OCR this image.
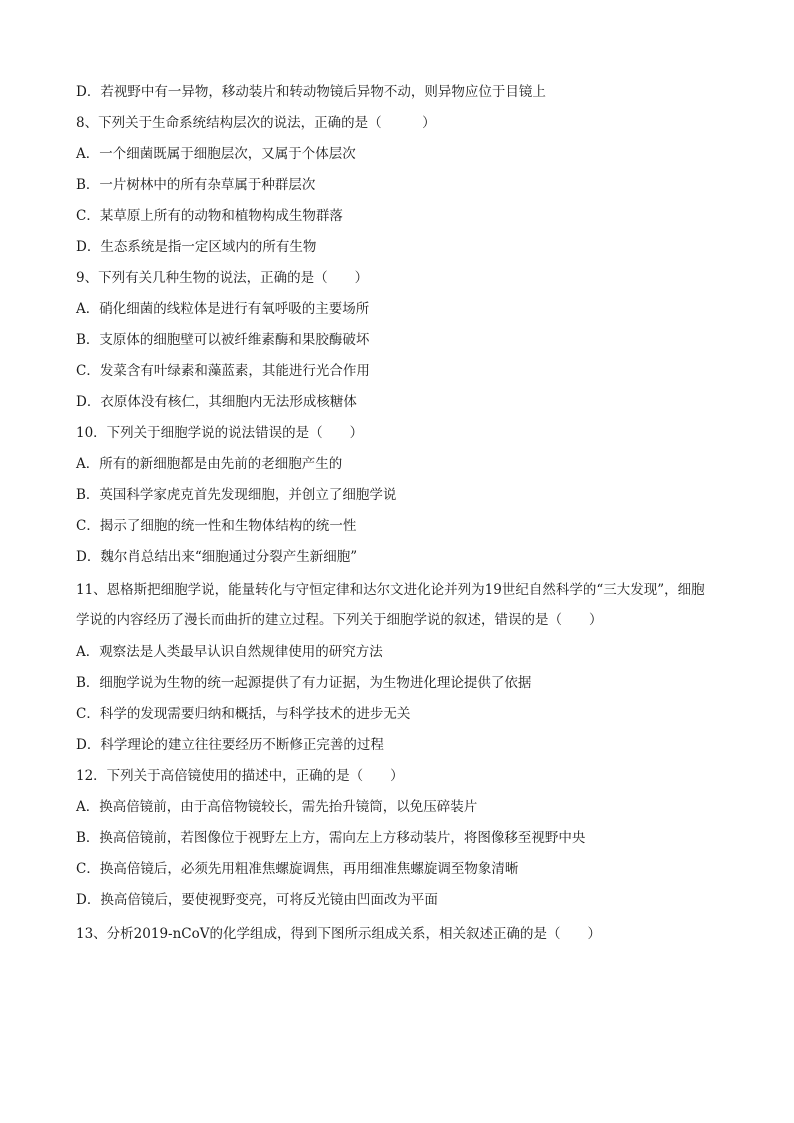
D．若视野中有一异物，移动装片和转动物镜后异物不动，则异物应位于目镜上
8、下列关于生命系统结构层次的说法，正确的是（　　　）
A．一个细菌既属于细胞层次，又属于个体层次
B．一片树林中的所有杂草属于种群层次
C．某草原上所有的动物和植物构成生物群落
D．生态系统是指一定区域内的所有生物
9、下列有关几种生物的说法，正确的是（　　）
A．硝化细菌的线粒体是进行有氧呼吸的主要场所
B．支原体的细胞壁可以被纤维素酶和果胶酶破坏
C．发菜含有叶绿素和藻蓝素，其能进行光合作用
D．衣原体没有核仁，其细胞内无法形成核糖体
10．下列关于细胞学说的说法错误的是（　　）
A．所有的新细胞都是由先前的老细胞产生的
B．英国科学家虎克首先发现细胞，并创立了细胞学说
C．揭示了细胞的统一性和生物体结构的统一性
D．魏尔肖总结出来“细胞通过分裂产生新细胞”
11、恩格斯把细胞学说，能量转化与守恒定律和达尔文进化论并列为19世纪自然科学的“三大发现”，细胞
学说的内容经历了漫长而曲折的建立过程。下列关于细胞学说的叙述，错误的是（　　）
A．观察法是人类最早认识自然规律使用的研究方法
B．细胞学说为生物的统一起源提供了有力证据，为生物进化理论提供了依据
C．科学的发现需要归纳和概括，与科学技术的进步无关
D．科学理论的建立往往要经历不断修正完善的过程
12．下列关于高倍镜使用的描述中，正确的是（　　）
A．换高倍镜前，由于高倍物镜较长，需先抬升镜筒，以免压碎装片
B．换高倍镜前，若图像位于视野左上方，需向左上方移动装片，将图像移至视野中央
C．换高倍镜后，必须先用粗准焦螺旋调焦，再用细准焦螺旋调至物象清晰
D．换高倍镜后，要使视野变亮，可将反光镜由凹面改为平面
13、分析2019-nCoV的化学组成，得到下图所示组成关系，相关叙述正确的是（　　）
